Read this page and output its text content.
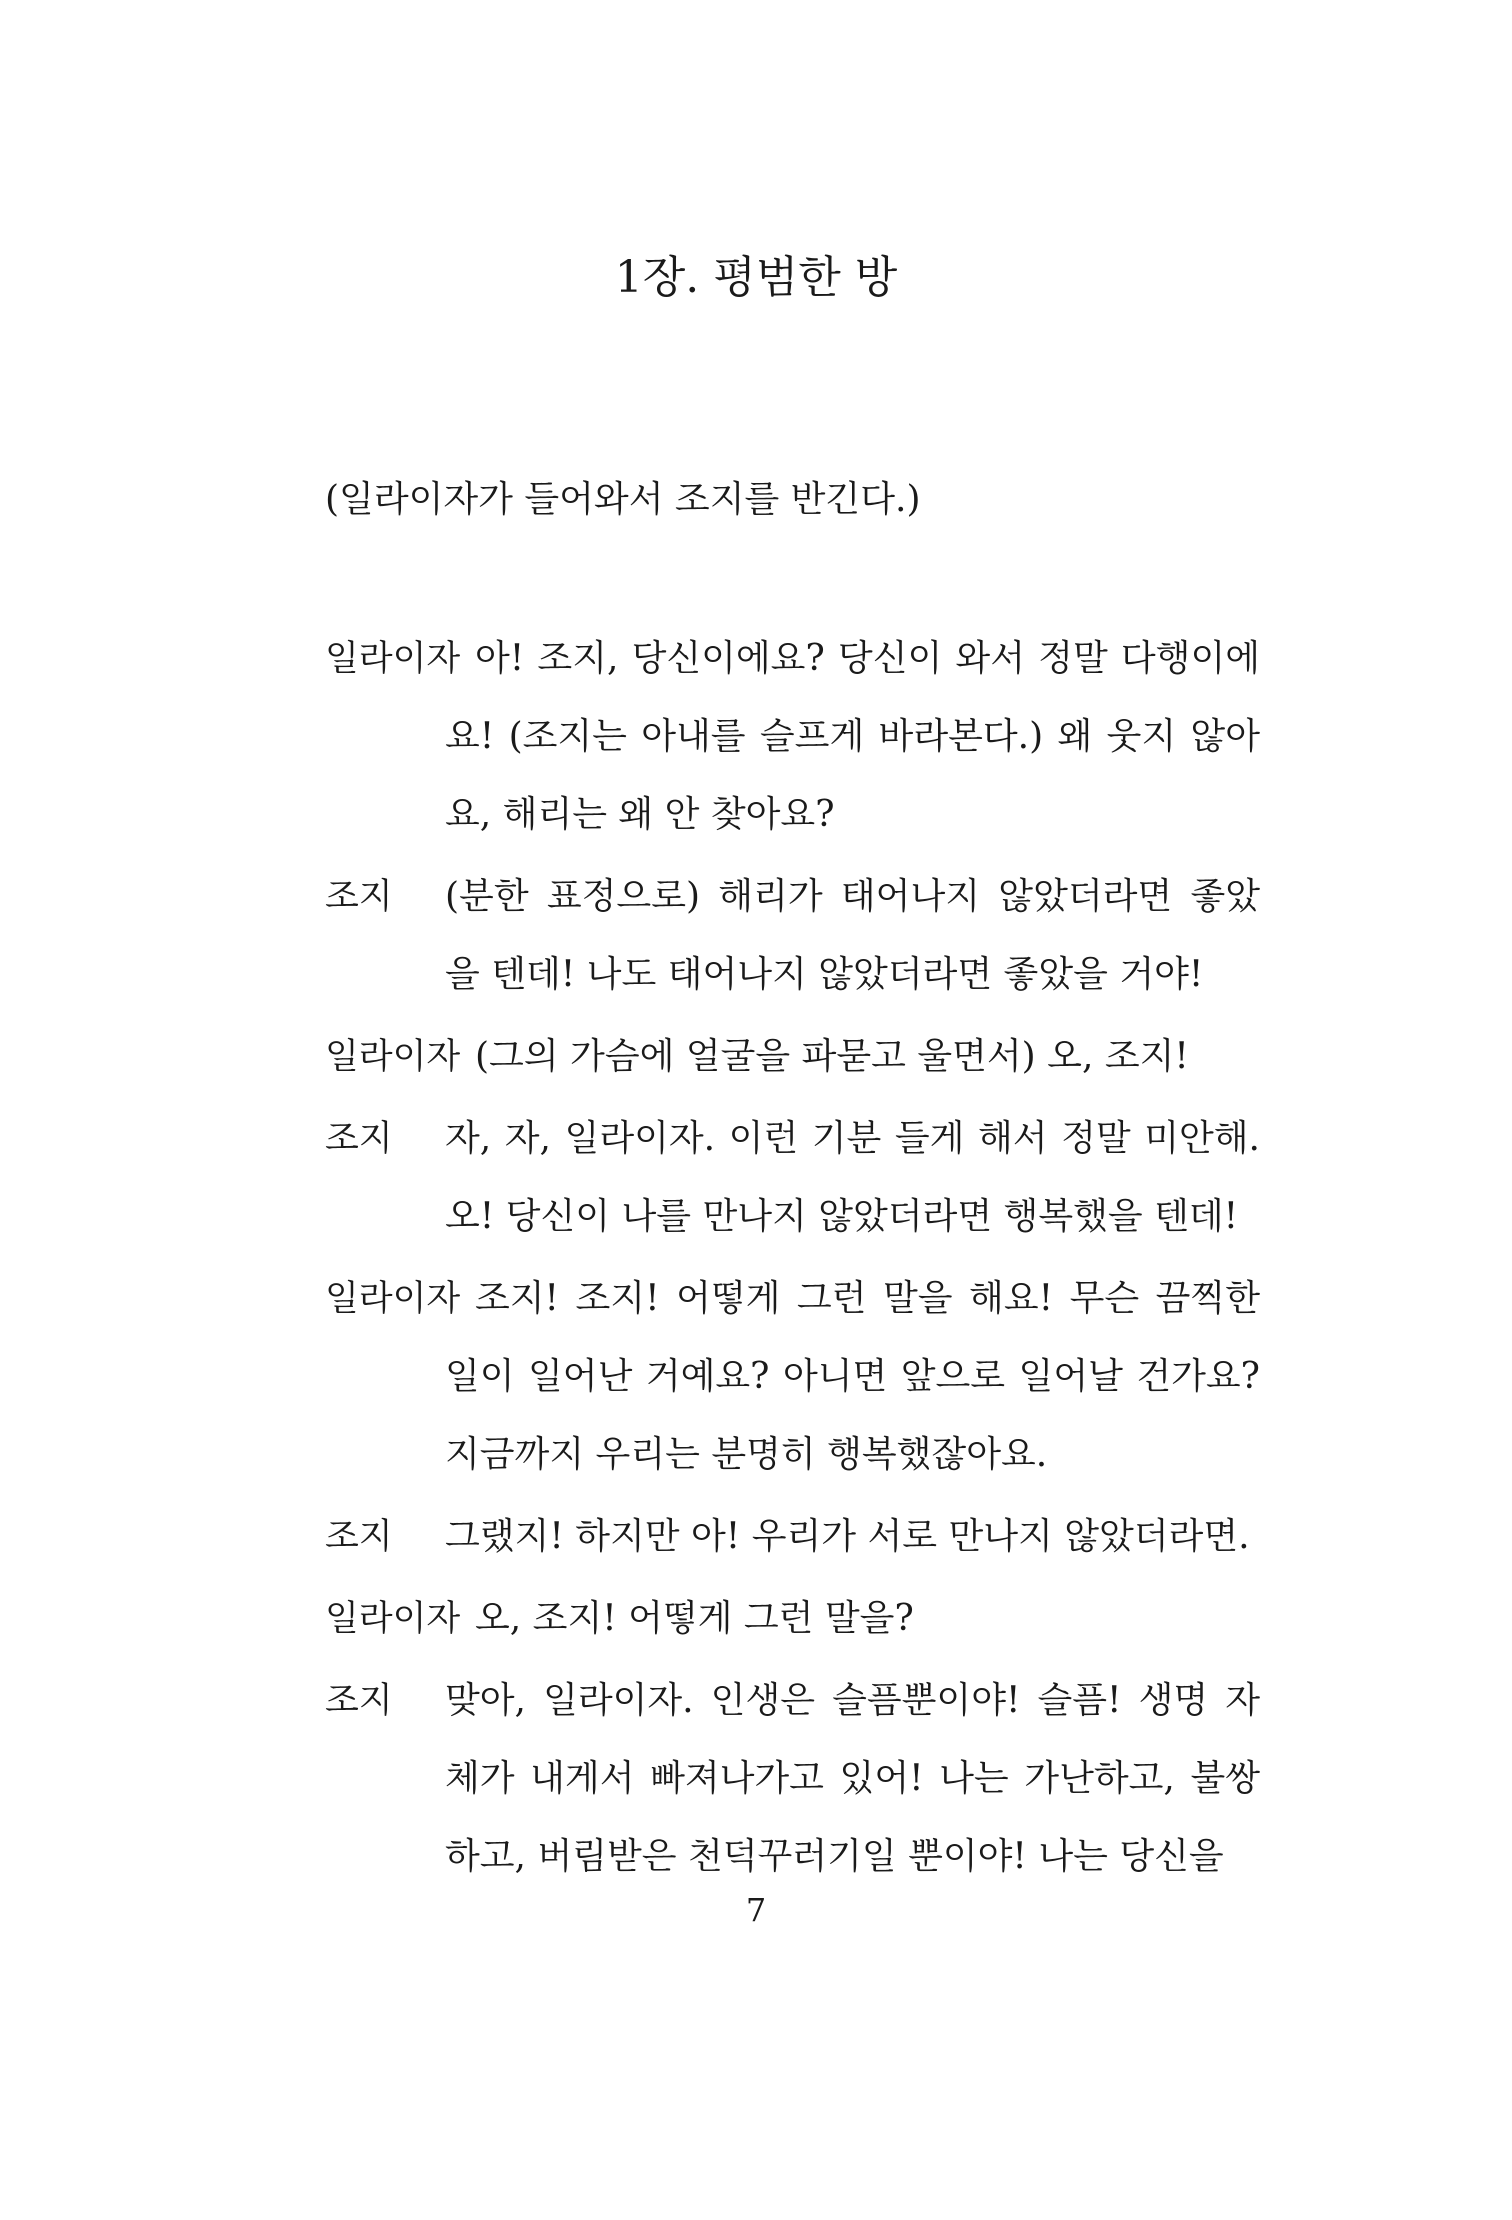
1장. 평범한 방

(일라이자가 들어와서 조지를 반긴다.)

일라이자 아! 조지, 당신이에요? 당신이 와서 정말 다행이에요! (조지는 아내를 슬프게 바라본다.) 왜 웃지 않아요, 해리는 왜 안 찾아요?

조지 (분한 표정으로) 해리가 태어나지 않았더라면 좋았을 텐데! 나도 태어나지 않았더라면 좋았을 거야!

일라이자 (그의 가슴에 얼굴을 파묻고 울면서) 오, 조지!

조지 자, 자, 일라이자. 이런 기분 들게 해서 정말 미안해. 오! 당신이 나를 만나지 않았더라면 행복했을 텐데!

일라이자 조지! 조지! 어떻게 그런 말을 해요! 무슨 끔찍한 일이 일어난 거예요? 아니면 앞으로 일어날 건가요? 지금까지 우리는 분명히 행복했잖아요.

조지 그랬지! 하지만 아! 우리가 서로 만나지 않았더라면.

일라이자 오, 조지! 어떻게 그런 말을?

조지 맞아, 일라이자. 인생은 슬픔뿐이야! 슬픔! 생명 자체가 내게서 빠져나가고 있어! 나는 가난하고, 불쌍하고, 버림받은 천덕꾸러기일 뿐이야! 나는 당신을

7
